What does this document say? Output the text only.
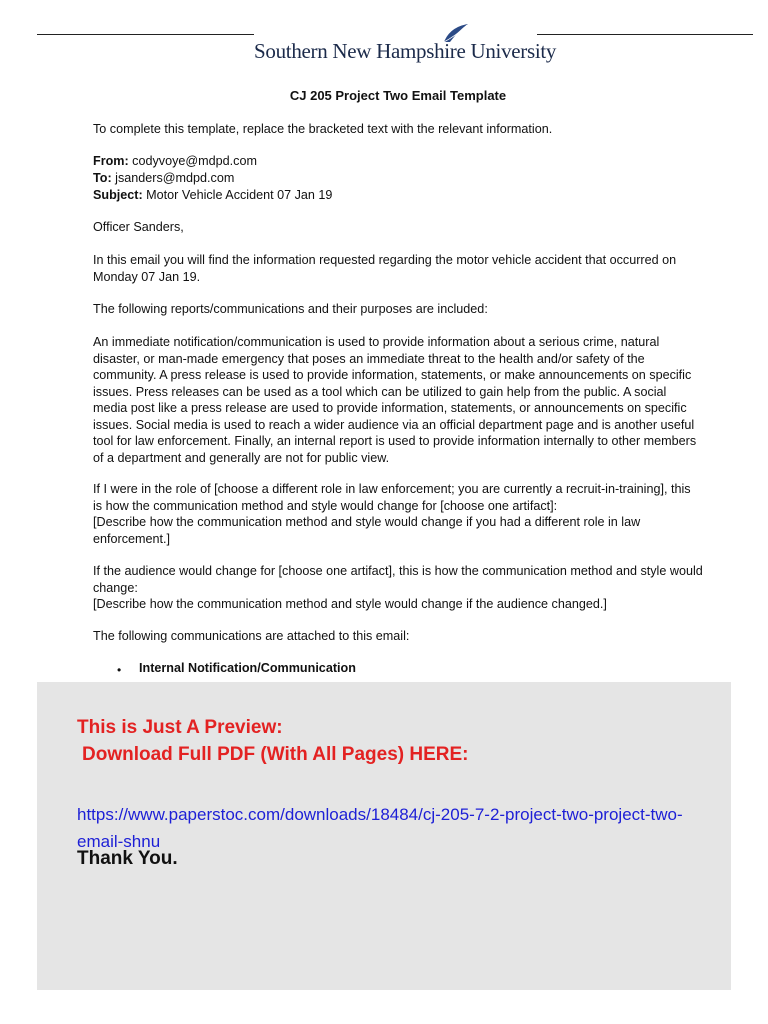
Southern New Hampshire University
CJ 205 Project Two Email Template

To complete this template, replace the bracketed text with the relevant information.

From: codyvoye@mdpd.com

To: jsanders@mdpd.com

Subject: Motor Vehicle Accident 07 Jan 19

Officer Sanders,

In this email you will find the information requested regarding the motor vehicle accident that occurred on Monday 07 Jan 19.

The following reports/communications and their purposes are included:

An immediate notification/communication is used to provide information about a serious crime, natural disaster, or man-made emergency that poses an immediate threat to the health and/or safety of the community. A press release is used to provide information, statements, or make announcements on specific issues. Press releases can be used as a tool which can be utilized to gain help from the public. A social media post like a press release are used to provide information, statements, or announcements on specific issues. Social media is used to reach a wider audience via an official department page and is another useful tool for law enforcement. Finally, an internal report is used to provide information internally to other members of a department and generally are not for public view.

If I were in the role of [choose a different role in law enforcement; you are currently a recruit-in-training], this is how the communication method and style would change for [choose one artifact]:

[Describe how the communication method and style would change if you had a different role in law enforcement.]

If the audience would change for [choose one artifact], this is how the communication method and style would change:

[Describe how the communication method and style would change if the audience changed.]

The following communications are attached to this email:

•	Internal Notification/Communication
This is Just A Preview:
Download Full PDF (With All Pages) HERE:
https://www.paperstoc.com/downloads/18484/cj-205-7-2-project-two-project-two-email-shnu
Thank You.
